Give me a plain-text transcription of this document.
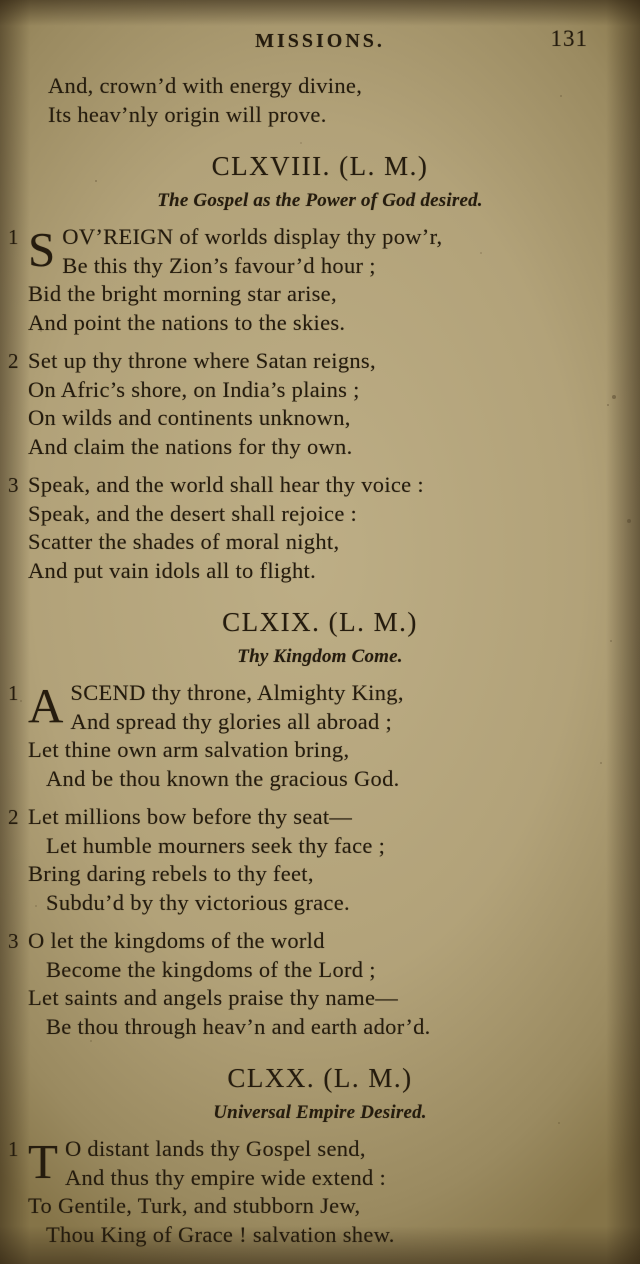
MISSIONS.	131
And, crown’d with energy divine,
Its heav’nly origin will prove.
CLXVIII. (L. M.)
The Gospel as the Power of God desired.
1 S OV’REIGN of worlds display thy pow’r,
Be this thy Zion’s favour’d hour ;
Bid the bright morning star arise,
And point the nations to the skies.
2 Set up thy throne where Satan reigns,
On Afric’s shore, on India’s plains ;
On wilds and continents unknown,
And claim the nations for thy own.
3 Speak, and the world shall hear thy voice :
Speak, and the desert shall rejoice :
Scatter the shades of moral night,
And put vain idols all to flight.
CLXIX. (L. M.)
Thy Kingdom Come.
1 A SCEND thy throne, Almighty King,
And spread thy glories all abroad ;
Let thine own arm salvation bring,
And be thou known the gracious God.
2 Let millions bow before thy seat—
Let humble mourners seek thy face ;
Bring daring rebels to thy feet,
Subdu’d by thy victorious grace.
3 O let the kingdoms of the world
Become the kingdoms of the Lord ;
Let saints and angels praise thy name—
Be thou through heav’n and earth ador’d.
CLXX. (L. M.)
Universal Empire Desired.
1 T O distant lands thy Gospel send,
And thus thy empire wide extend :
To Gentile, Turk, and stubborn Jew,
Thou King of Grace ! salvation shew.
